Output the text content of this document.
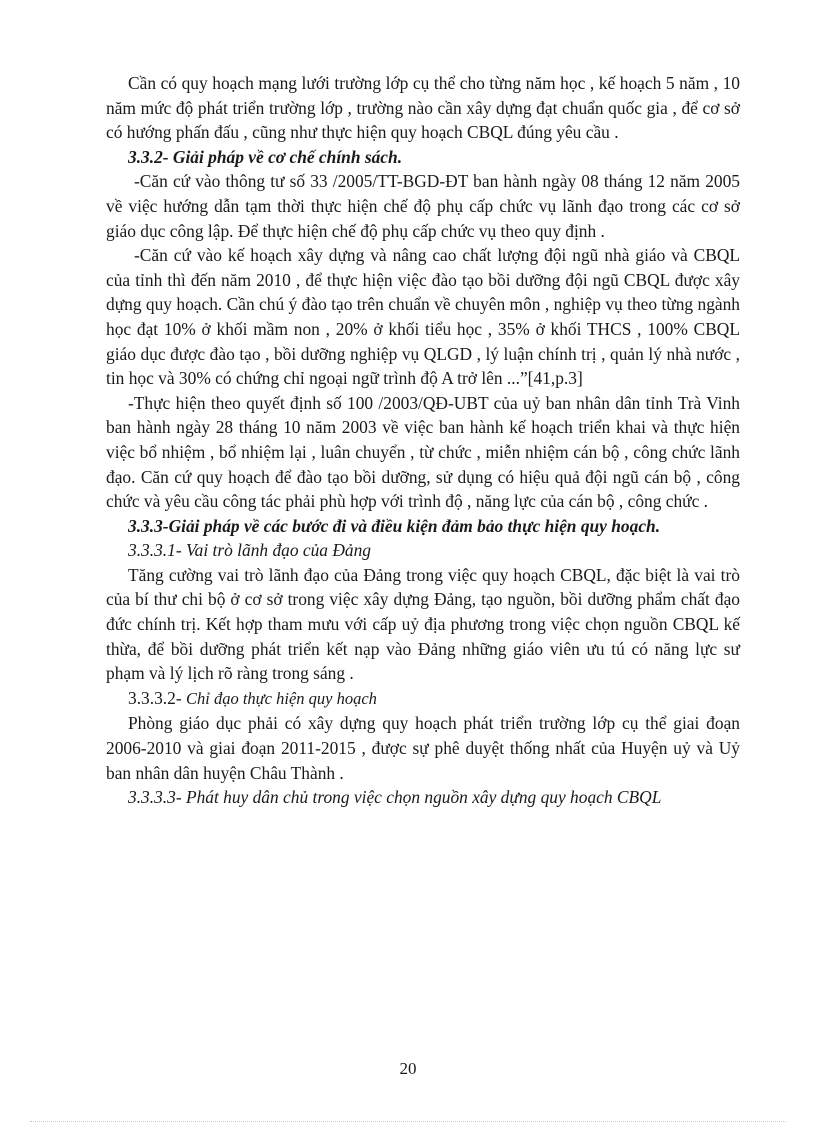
Cần có quy hoạch mạng lưới trường lớp cụ thể cho từng năm học , kế hoạch 5 năm , 10 năm mức độ phát triển trường lớp , trường nào cần xây dựng đạt chuẩn quốc gia , để cơ sở có hướng phấn đấu , cũng như thực hiện quy hoạch CBQL đúng yêu cầu .

3.3.2- Giải pháp về cơ chế chính sách.

-Căn cứ vào thông tư số 33 /2005/TT-BGD-ĐT ban hành ngày 08 tháng 12 năm 2005 về việc hướng dẫn tạm thời thực hiện chế độ phụ cấp chức vụ lãnh đạo trong các cơ sở giáo dục công lập. Để thực hiện chế độ phụ cấp chức vụ theo quy định .

-Căn cứ vào kế hoạch xây dựng và nâng cao chất lượng đội ngũ nhà giáo và CBQL của tỉnh thì đến năm 2010 , để thực hiện việc đào tạo bồi dưỡng đội ngũ CBQL được xây dựng quy hoạch. Cần chú ý đào tạo trên chuẩn về chuyên môn , nghiệp vụ theo từng ngành học đạt 10% ở khối mầm non , 20% ở khối tiểu học , 35% ở khối THCS , 100% CBQL giáo dục được đào tạo , bồi dưỡng nghiệp vụ QLGD , lý luận chính trị , quản lý nhà nước , tin học và 30% có chứng chỉ ngoại ngữ trình độ A trở lên ...”[41,p.3]

-Thực hiện theo quyết định số 100 /2003/QĐ-UBT của uỷ ban nhân dân tỉnh Trà Vinh ban hành ngày 28 tháng 10 năm 2003 về việc ban hành kế hoạch triển khai và thực hiện việc bổ nhiệm , bổ nhiệm lại , luân chuyển , từ chức , miễn nhiệm cán bộ , công chức lãnh đạo. Căn cứ quy hoạch để đào tạo bồi dưỡng, sử dụng có hiệu quả đội ngũ cán bộ , công chức và yêu cầu công tác phải phù hợp với trình độ , năng lực của cán bộ , công chức .

3.3.3-Giải pháp về các bước đi và điều kiện đảm bảo thực hiện quy hoạch.

3.3.3.1- Vai trò lãnh đạo của Đảng

Tăng cường vai trò lãnh đạo của Đảng trong việc quy hoạch CBQL, đặc biệt là vai trò của bí thư chi bộ ở cơ sở trong việc xây dựng Đảng, tạo nguồn, bồi dưỡng phẩm chất đạo đức chính trị. Kết hợp tham mưu với cấp uỷ địa phương trong việc chọn nguồn CBQL kế thừa, để bồi dưỡng phát triển kết nạp vào Đảng những giáo viên ưu tú có năng lực sư phạm và lý lịch rõ ràng trong sáng .

3.3.3.2- Chỉ đạo thực hiện quy hoạch

Phòng giáo dục phải có xây dựng quy hoạch phát triển trường lớp cụ thể giai đoạn 2006-2010 và giai đoạn 2011-2015 , được sự phê duyệt thống nhất của Huyện uỷ và Uỷ ban nhân dân huyện Châu Thành .

3.3.3.3- Phát huy dân chủ trong việc chọn nguồn xây dựng quy hoạch CBQL

20
